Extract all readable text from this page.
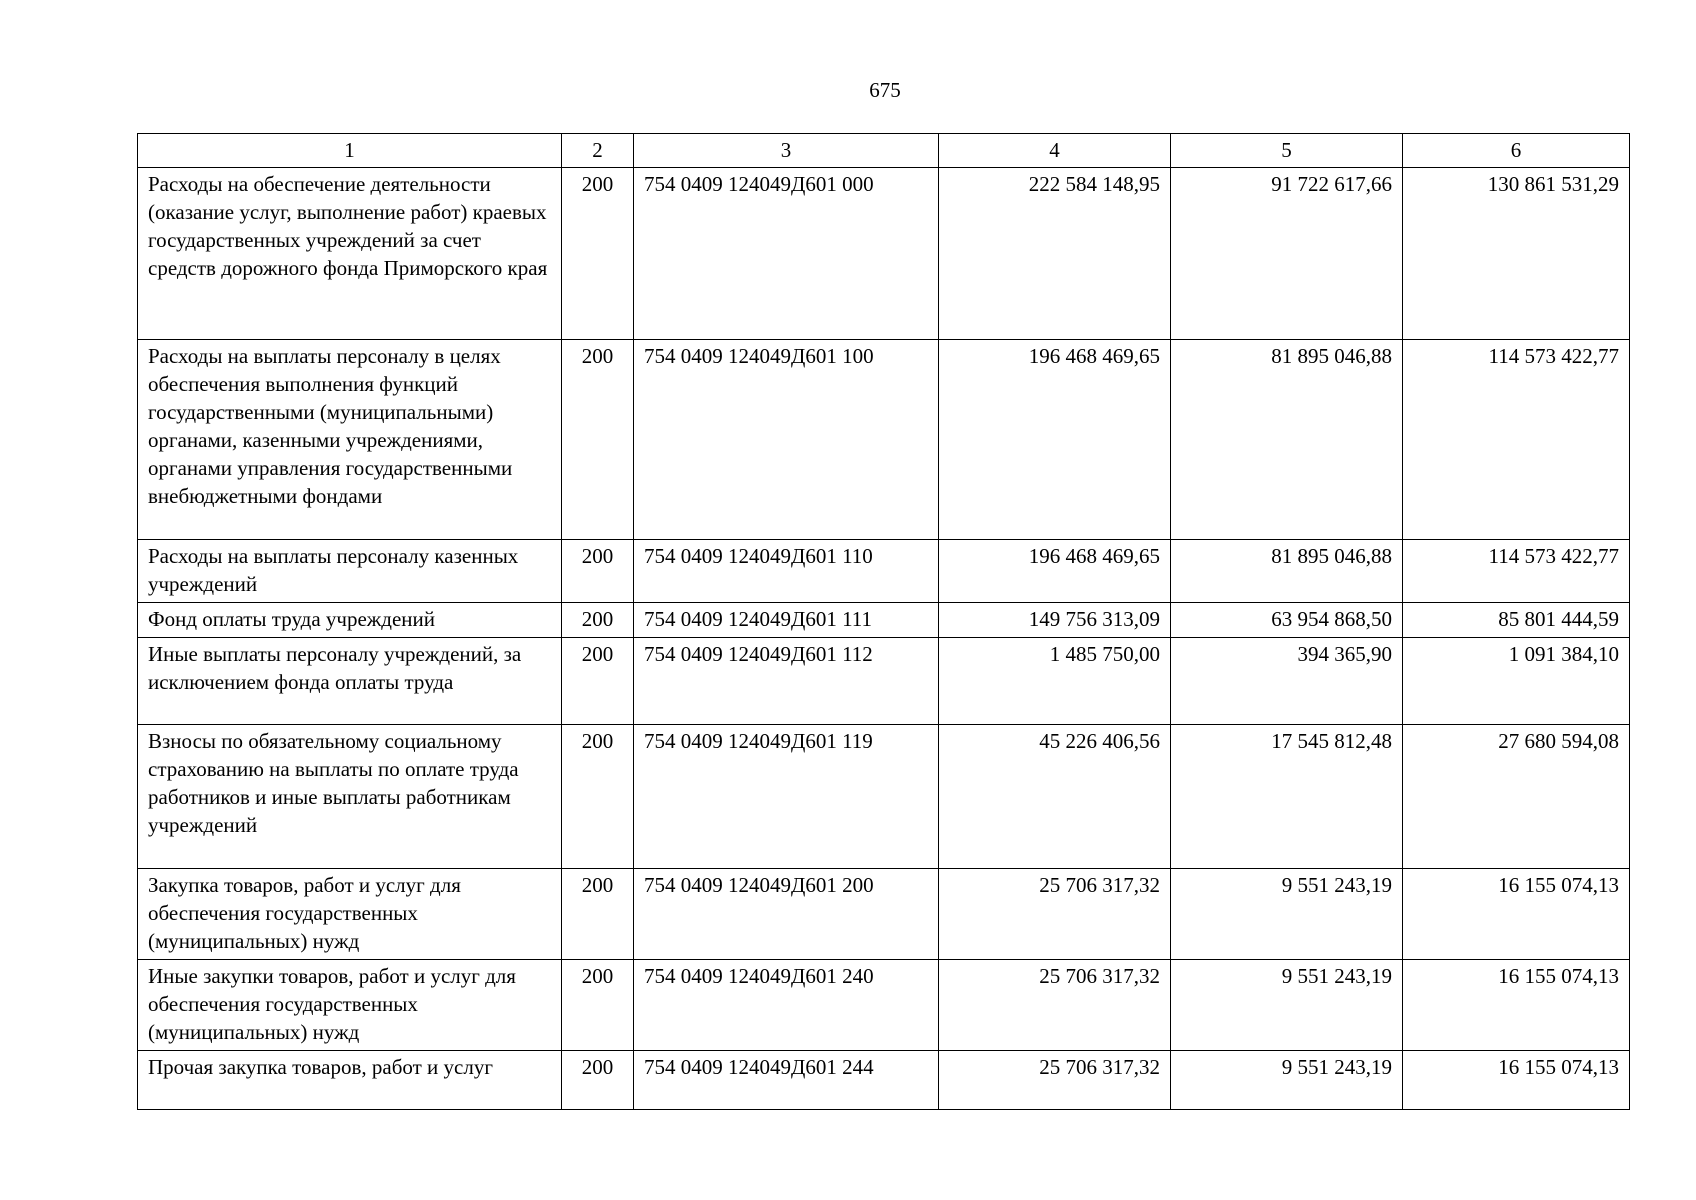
675
1	2	3	4	5	6
Расходы на обеспечение деятельности (оказание услуг, выполнение работ) краевых государственных учреждений за счет средств дорожного фонда Приморского края	200	754 0409 124049Д601 000	222 584 148,95	91 722 617,66	130 861 531,29
Расходы на выплаты персоналу в целях обеспечения выполнения функций государственными (муниципальными) органами, казенными учреждениями, органами управления государственными внебюджетными фондами	200	754 0409 124049Д601 100	196 468 469,65	81 895 046,88	114 573 422,77
Расходы на выплаты персоналу казенных учреждений	200	754 0409 124049Д601 110	196 468 469,65	81 895 046,88	114 573 422,77
Фонд оплаты труда учреждений	200	754 0409 124049Д601 111	149 756 313,09	63 954 868,50	85 801 444,59
Иные выплаты персоналу учреждений, за исключением фонда оплаты труда	200	754 0409 124049Д601 112	1 485 750,00	394 365,90	1 091 384,10
Взносы по обязательному социальному страхованию на выплаты по оплате труда работников и иные выплаты работникам учреждений	200	754 0409 124049Д601 119	45 226 406,56	17 545 812,48	27 680 594,08
Закупка товаров, работ и услуг для обеспечения государственных (муниципальных) нужд	200	754 0409 124049Д601 200	25 706 317,32	9 551 243,19	16 155 074,13
Иные закупки товаров, работ и услуг для обеспечения государственных (муниципальных) нужд	200	754 0409 124049Д601 240	25 706 317,32	9 551 243,19	16 155 074,13
Прочая закупка товаров, работ и услуг	200	754 0409 124049Д601 244	25 706 317,32	9 551 243,19	16 155 074,13
